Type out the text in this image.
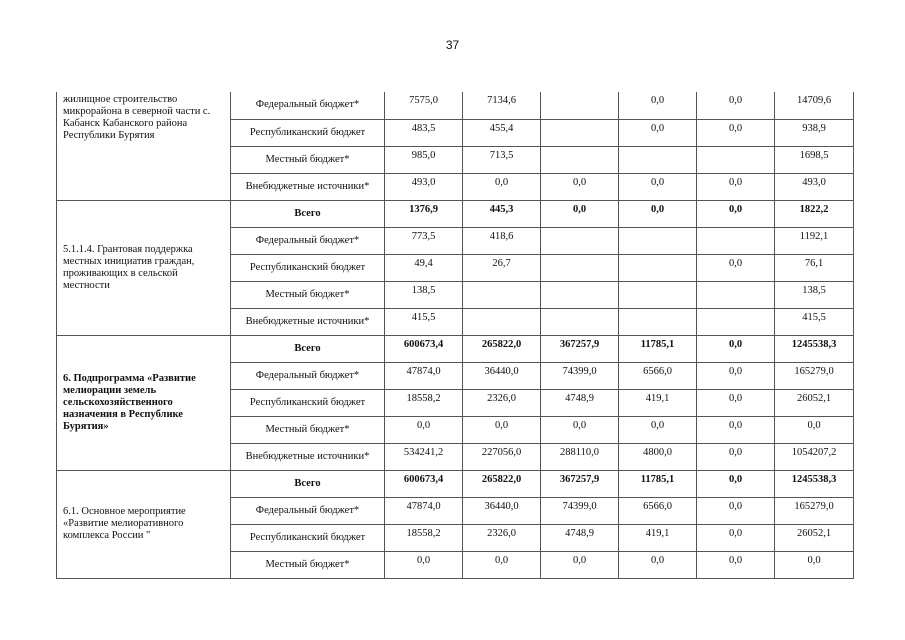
37
жилищное строительство микрорайона в северной части с. Кабанск Кабанского района Республики Бурятия	Федеральный бюджет*	7575,0	7134,6		0,0	0,0	14709,6
	Республиканский бюджет	483,5	455,4		0,0	0,0	938,9
	Местный бюджет*	985,0	713,5				1698,5
	Внебюджетные источники*	493,0	0,0	0,0	0,0	0,0	493,0
5.1.1.4. Грантовая поддержка местных инициатив граждан, проживающих в сельской местности	Всего	1376,9	445,3	0,0	0,0	0,0	1822,2
	Федеральный бюджет*	773,5	418,6				1192,1
	Республиканский бюджет	49,4	26,7			0,0	76,1
	Местный бюджет*	138,5					138,5
	Внебюджетные источники*	415,5					415,5
6. Подпрограмма «Развитие мелиорации земель сельскохозяйственного назначения в Республике Бурятия»	Всего	600673,4	265822,0	367257,9	11785,1	0,0	1245538,3
	Федеральный бюджет*	47874,0	36440,0	74399,0	6566,0	0,0	165279,0
	Республиканский бюджет	18558,2	2326,0	4748,9	419,1	0,0	26052,1
	Местный бюджет*	0,0	0,0	0,0	0,0	0,0	0,0
	Внебюджетные источники*	534241,2	227056,0	288110,0	4800,0	0,0	1054207,2
6.1. Основное мероприятие «Развитие мелиоративного комплекса России "	Всего	600673,4	265822,0	367257,9	11785,1	0,0	1245538,3
	Федеральный бюджет*	47874,0	36440,0	74399,0	6566,0	0,0	165279,0
	Республиканский бюджет	18558,2	2326,0	4748,9	419,1	0,0	26052,1
	Местный бюджет*	0,0	0,0	0,0	0,0	0,0	0,0
